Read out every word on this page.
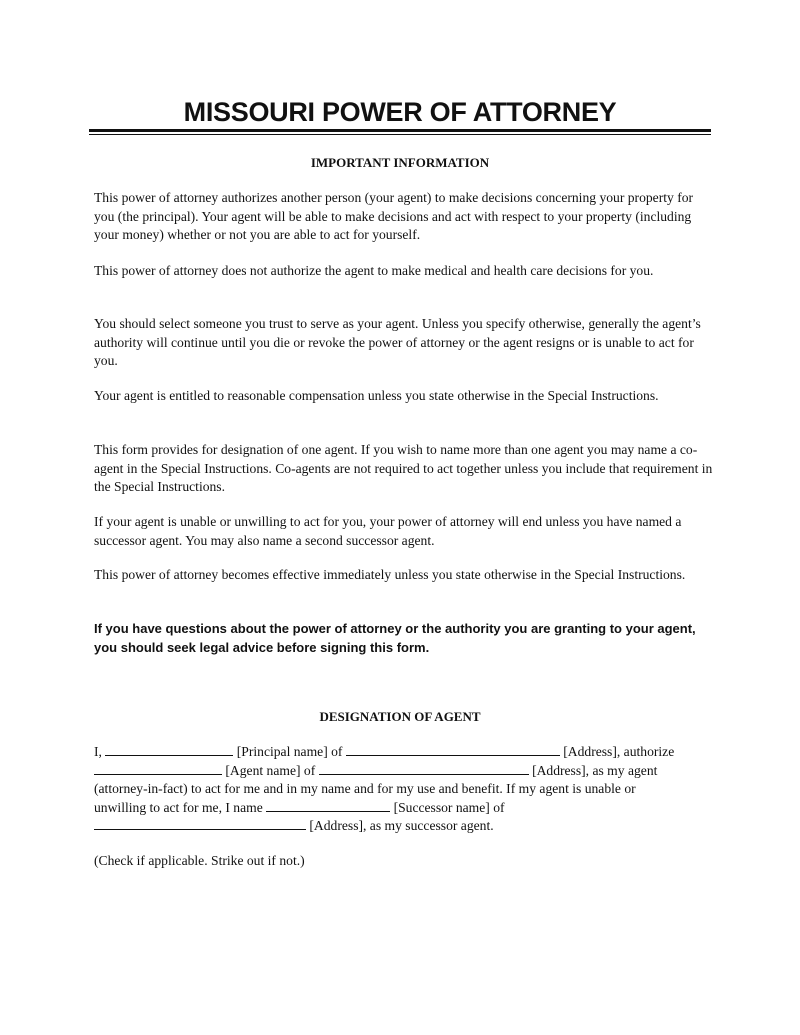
MISSOURI POWER OF ATTORNEY
IMPORTANT INFORMATION

This power of attorney authorizes another person (your agent) to make decisions concerning your property for you (the principal). Your agent will be able to make decisions and act with respect to your property (including your money) whether or not you are able to act for yourself.

This power of attorney does not authorize the agent to make medical and health care decisions for you.

You should select someone you trust to serve as your agent. Unless you specify otherwise, generally the agent’s authority will continue until you die or revoke the power of attorney or the agent resigns or is unable to act for you.

Your agent is entitled to reasonable compensation unless you state otherwise in the Special Instructions.

This form provides for designation of one agent. If you wish to name more than one agent you may name a co-agent in the Special Instructions. Co-agents are not required to act together unless you include that requirement in the Special Instructions.

If your agent is unable or unwilling to act for you, your power of attorney will end unless you have named a successor agent. You may also name a second successor agent.

This power of attorney becomes effective immediately unless you state otherwise in the Special Instructions.

If you have questions about the power of attorney or the authority you are granting to your agent, you should seek legal advice before signing this form.

DESIGNATION OF AGENT
I,	[Principal name] of	[Address], authorize
[Agent name] of	[Address], as my agent
(attorney-in-fact) to act for me and in my name and for my use and benefit. If my agent is unable or
unwilling to act for me, I name	[Successor name] of
[Address], as my successor agent.

(Check if applicable. Strike out if not.)
